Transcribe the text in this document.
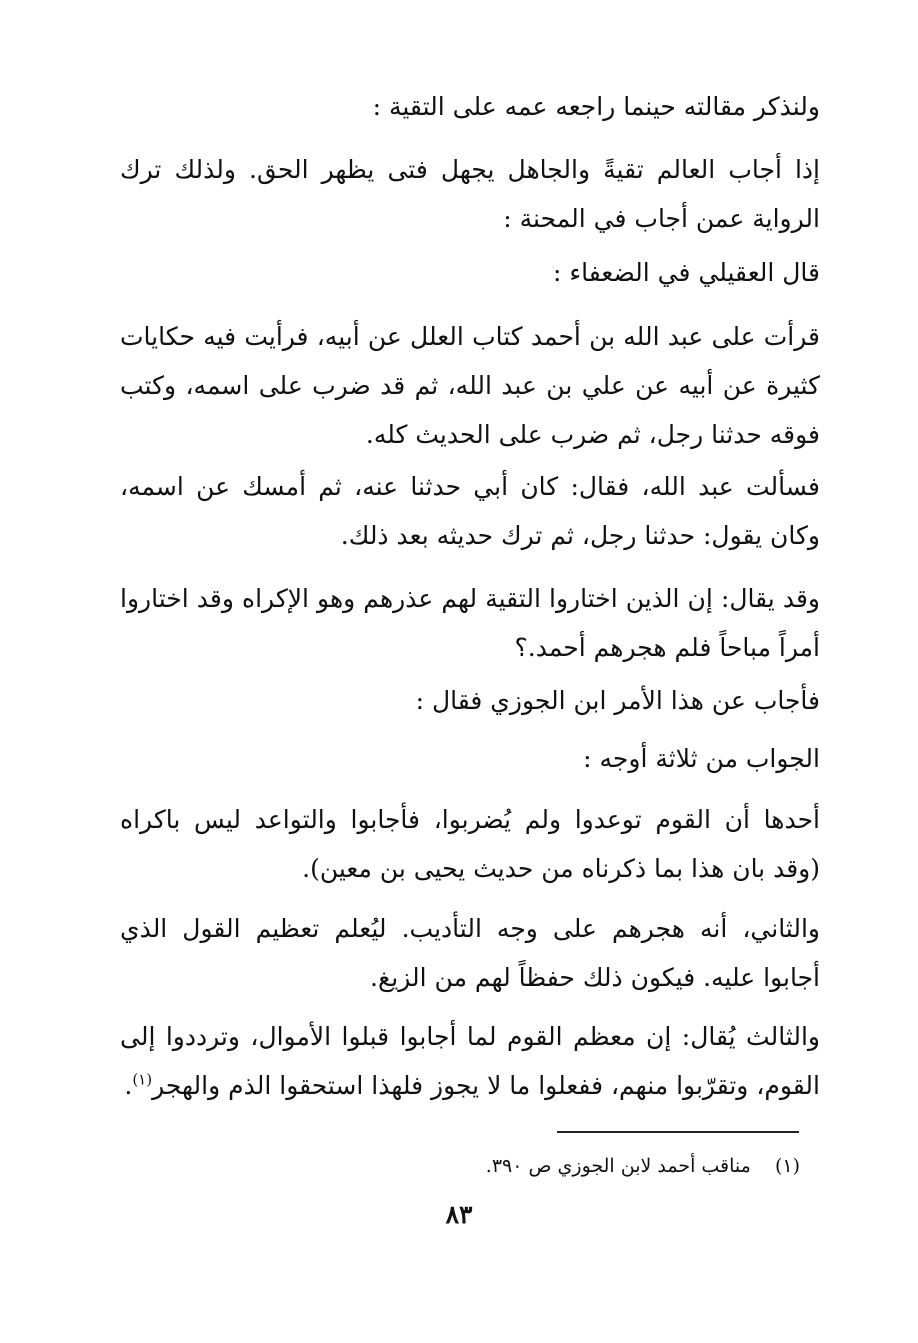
ولنذكر مقالته حينما راجعه عمه على التقية :
إذا أجاب العالم تقيةً والجاهل يجهل فتى يظهر الحق. ولذلك ترك الرواية عمن أجاب في المحنة :
قال العقيلي في الضعفاء :
قرأت على عبد الله بن أحمد كتاب العلل عن أبيه، فرأيت فيه حكايات كثيرة عن أبيه عن علي بن عبد الله، ثم قد ضرب على اسمه، وكتب فوقه حدثنا رجل، ثم ضرب على الحديث كله.
فسألت عبد الله، فقال: كان أبي حدثنا عنه، ثم أمسك عن اسمه، وكان يقول: حدثنا رجل، ثم ترك حديثه بعد ذلك.
وقد يقال: إن الذين اختاروا التقية لهم عذرهم وهو الإكراه وقد اختاروا أمراً مباحاً فلم هجرهم أحمد.؟
فأجاب عن هذا الأمر ابن الجوزي فقال :
الجواب من ثلاثة أوجه :
أحدها أن القوم توعدوا ولم يُضربوا، فأجابوا والتواعد ليس باكراه (وقد بان هذا بما ذكرناه من حديث يحيى بن معين).
والثاني، أنه هجرهم على وجه التأديب. ليُعلم تعظيم القول الذي أجابوا عليه. فيكون ذلك حفظاً لهم من الزيغ.
والثالث يُقال: إن معظم القوم لما أجابوا قبلوا الأموال، وترددوا إلى القوم، وتقرّبوا منهم، ففعلوا ما لا يجوز فلهذا استحقوا الذم والهجر$^{(١)}$.
(١)  مناقب أحمد لابن الجوزي ص ٣٩٠.
٨٣
